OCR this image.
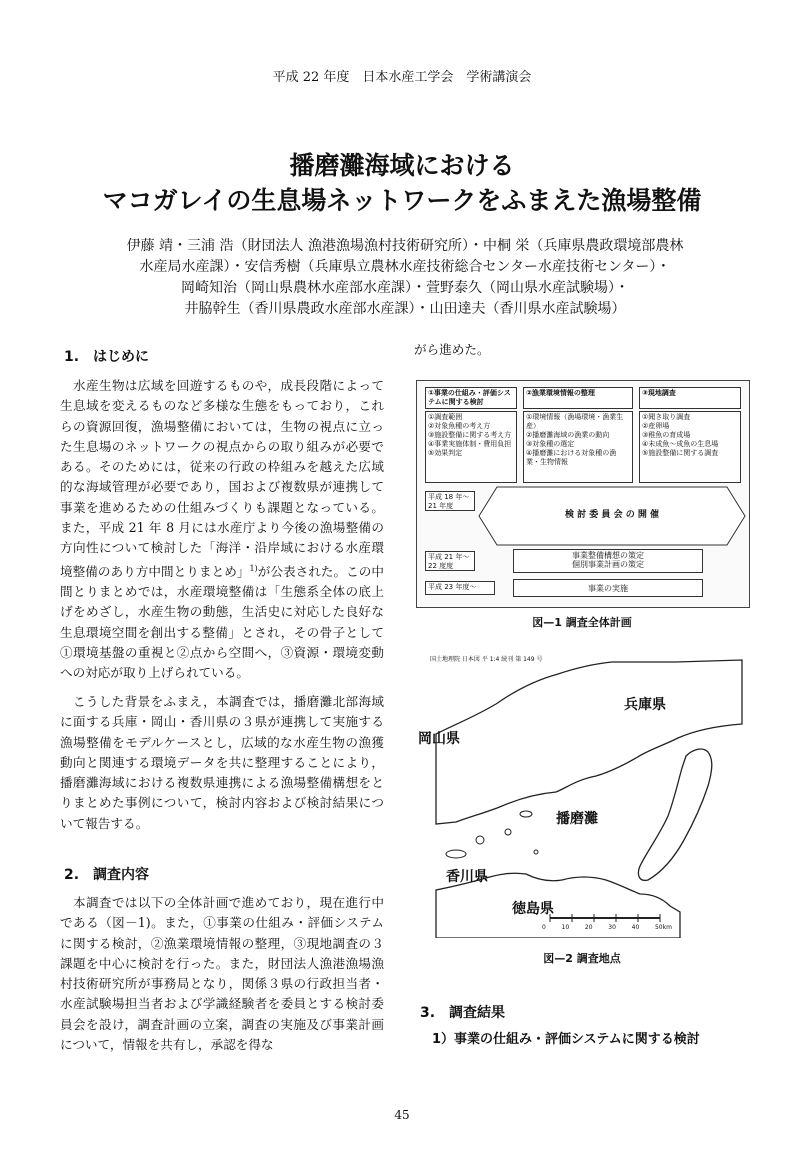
平成 22 年度　日本水産工学会　学術講演会
播磨灘海域における
マコガレイの生息場ネットワークをふまえた漁場整備
伊藤 靖・三浦 浩（財団法人 漁港漁場漁村技術研究所）・中桐 栄（兵庫県農政環境部農林
水産局水産課）・安信秀樹（兵庫県立農林水産技術総合センター水産技術センター）・
岡崎知治（岡山県農林水産部水産課）・萱野泰久（岡山県水産試験場）・
井脇幹生（香川県農政水産部水産課）・山田達夫（香川県水産試験場）
1.　はじめに
　水産生物は広域を回遊するものや，成長段階によって生息域を変えるものなど多様な生態をもっており，これらの資源回復，漁場整備においては，生物の視点に立った生息場のネットワークの視点からの取り組みが必要である。そのためには，従来の行政の枠組みを越えた広域的な海域管理が必要であり，国および複数県が連携して事業を進めるための仕組みづくりも課題となっている。また，平成 21 年 8 月には水産庁より今後の漁場整備の方向性について検討した「海洋・沿岸域における水産環境整備のあり方中間とりまとめ」$^{1)}$が公表された。この中間とりまとめでは，水産環境整備は「生態系全体の底上げをめざし，水産生物の動態，生活史に対応した良好な生息環境空間を創出する整備」とされ，その骨子として①環境基盤の重視と②点から空間へ，③資源・環境変動への対応が取り上げられている。
　こうした背景をふまえ，本調査では，播磨灘北部海域に面する兵庫・岡山・香川県の３県が連携して実施する漁場整備をモデルケースとし，広域的な水産生物の漁獲動向と関連する環境データを共に整理することにより，播磨灘海域における複数県連携による漁場整備構想をとりまとめた事例について，検討内容および検討結果について報告する。
2.　調査内容
　本調査では以下の全体計画で進めており，現在進行中である（図－1)。また，①事業の仕組み・評価システムに関する検討，②漁業環境情報の整理，③現地調査の３課題を中心に検討を行った。また，財団法人漁港漁場漁村技術研究所が事務局となり，関係３県の行政担当者・水産試験場担当者および学識経験者を委員とする検討委員会を設け，調査計画の立案，調査の実施及び事業計画について，情報を共有し，承認を得な
がら進めた。
①事業の仕組み・評価システムに関する検討
②漁業環境情報の整理	③現地調査
①調査範囲
②対象魚種の考え方
③施設整備に関する考え方
④事業実施体制・費用負担
⑤効果判定
①環境情報（漁場環境・漁業生産）
②播磨灘海域の漁業の動向
③対象種の選定
④播磨灘における対象種の漁業・生物情報
①聞き取り調査
②産卵場
③稚魚の育成場
④未成魚～成魚の生息場
⑤施設整備に関する調査
平成 18 年～21 年度
検 討 委 員 会 の 開 催
平成 21 年～22 度度
事業整備構想の策定
個別事業計画の策定
平成 23 年度～	事業の実施
図—1 調査全体計画
国土地理院 日本図 平 1:4 続刊 第 149 号
兵庫県
岡山県
播磨灘
香川県
徳島県
0	10	20	30	40	50km
図—2 調査地点
3.　調査結果
1）事業の仕組み・評価システムに関する検討
45
